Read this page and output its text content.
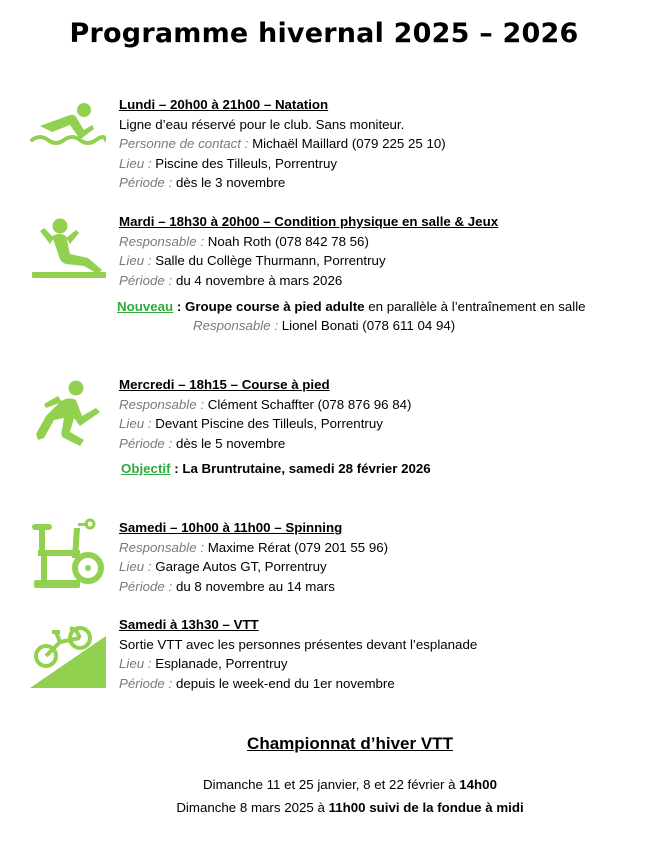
Programme hivernal 2025 – 2026
Lundi – 20h00 à 21h00 – Natation
Ligne d’eau réservé pour le club. Sans moniteur.
Personne de contact : Michaël Maillard (079 225 25 10)
Lieu : Piscine des Tilleuls, Porrentruy
Période : dès le 3 novembre
Mardi – 18h30 à 20h00 – Condition physique en salle & Jeux
Responsable : Noah Roth (078 842 78 56)
Lieu : Salle du Collège Thurmann, Porrentruy
Période : du 4 novembre à mars 2026
Nouveau : Groupe course à pied adulte en parallèle à l’entraînement en salle
Responsable : Lionel Bonati (078 611 04 94)
Mercredi – 18h15 – Course à pied
Responsable : Clément Schaffter (078 876 96 84)
Lieu : Devant Piscine des Tilleuls, Porrentruy
Période : dès le 5 novembre
Objectif : La Bruntrutaine, samedi 28 février 2026
Samedi – 10h00 à 11h00 – Spinning
Responsable : Maxime Rérat (079 201 55 96)
Lieu : Garage Autos GT, Porrentruy
Période : du 8 novembre au 14 mars
Samedi à 13h30 – VTT
Sortie VTT avec les personnes présentes devant l’esplanade
Lieu : Esplanade, Porrentruy
Période : depuis le week-end du 1er novembre
Championnat d’hiver VTT
Dimanche 11 et 25 janvier, 8 et 22 février à 14h00
Dimanche 8 mars 2025 à 11h00 suivi de la fondue à midi
